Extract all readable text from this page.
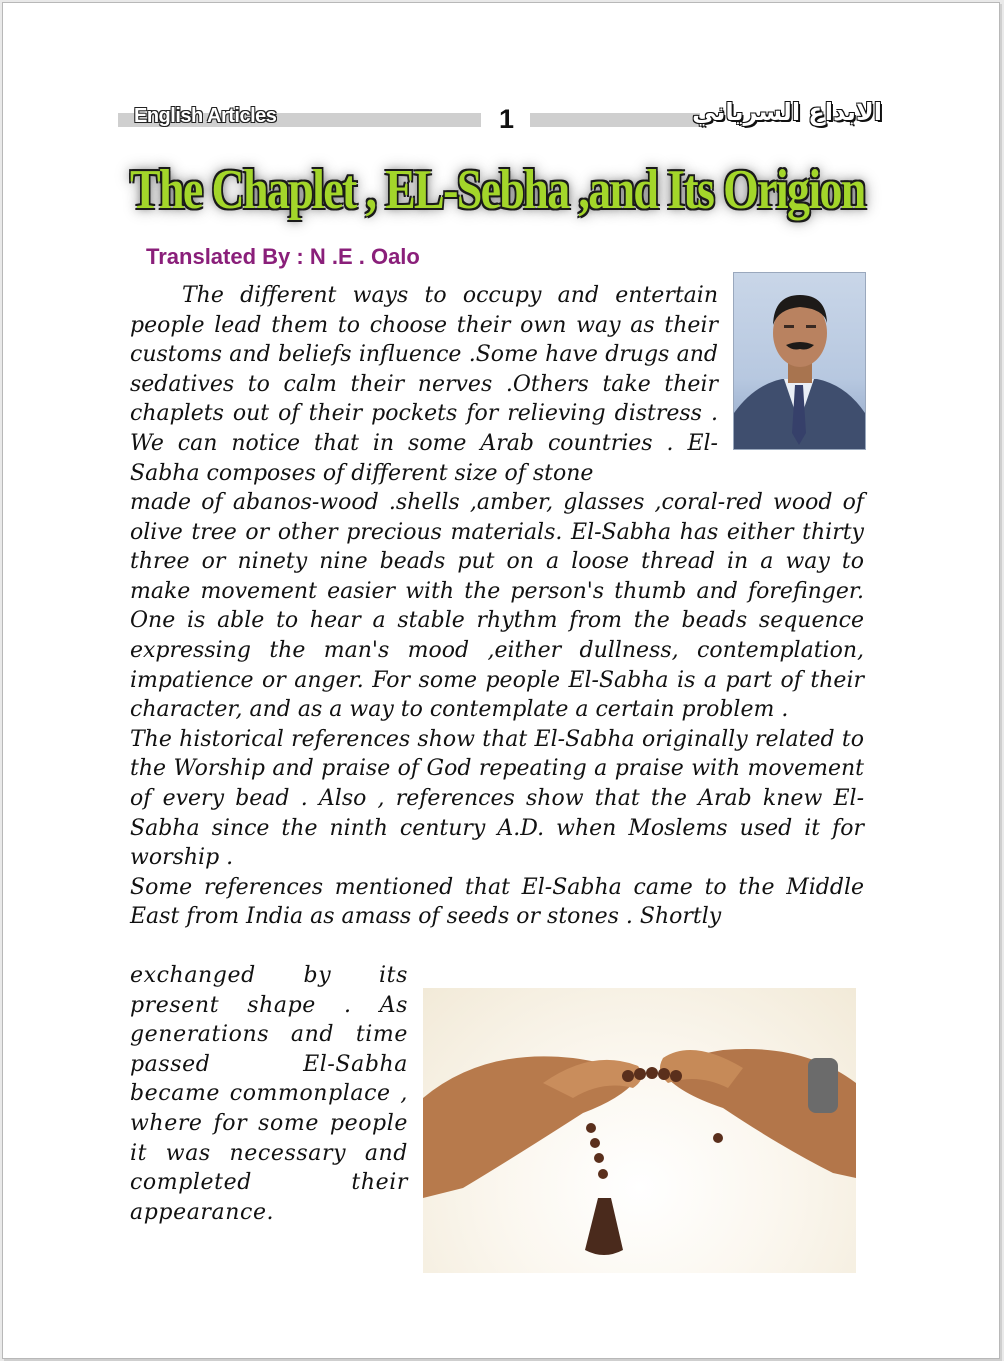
English Articles	1	الابداع السرياني
The Chaplet , EL-Sebha ,and Its Origion
Translated By : N .E . Oalo

The different ways to occupy and entertain people lead them to choose their own way as their customs and beliefs influence .Some have drugs and sedatives to calm their nerves .Others take their chaplets out of their pockets for relieving distress . We can notice that in some Arab countries . El-Sabha composes of different size of stone

made of abanos-wood .shells ,amber, glasses ,coral-red wood of olive tree or other precious materials. El-Sabha has either thirty three or ninety nine beads put on a loose thread in a way to make movement easier with the person's thumb and forefinger. One is able to hear a stable rhythm from the beads sequence expressing the man's mood ,either dullness, contemplation, impatience or anger. For some people El-Sabha is a part of their character, and as a way to contemplate a certain problem .
The historical references show that El-Sabha originally related to the Worship and praise of God repeating a praise with movement of every bead . Also , references show that the Arab knew El-Sabha since the ninth century A.D. when Moslems used it for worship .
Some references mentioned that El-Sabha came to the Middle East from India as amass of seeds or stones . Shortly

exchanged by its present shape . As generations and time passed El-Sabha became commonplace , where for some people it was necessary and completed their appearance.
